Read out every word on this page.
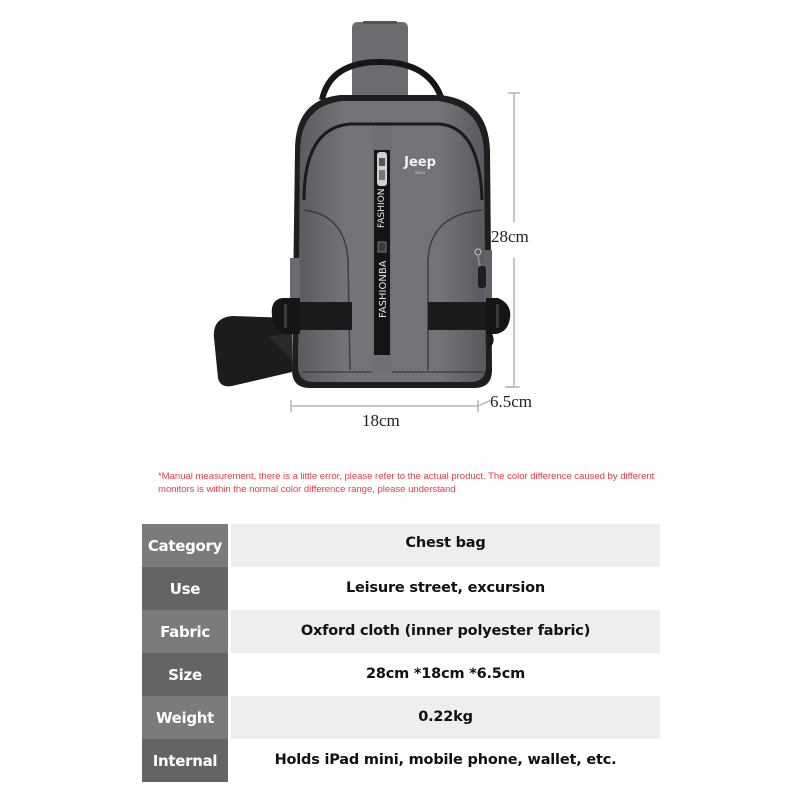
FASHION
FASHIONBA
Jeep
BULD
28cm
18cm
6.5cm
*Manual measurement, there is a little error, please refer to the actual product. The color difference caused by different monitors is within the normal color difference range, please understand
Category	Chest bag
Use	Leisure street, excursion
Fabric	Oxford cloth (inner polyester fabric)
Size	28cm *18cm *6.5cm
Weight	0.22kg
Internal	Holds iPad mini, mobile phone, wallet, etc.
